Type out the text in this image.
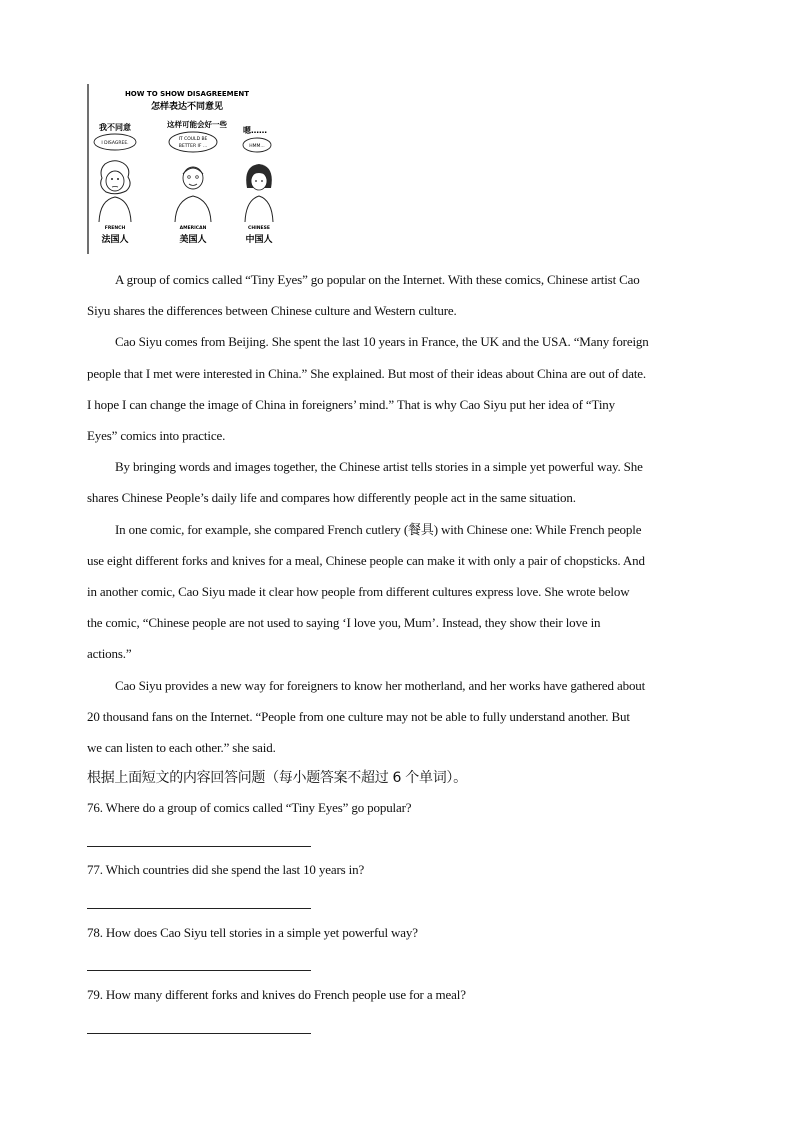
HOW TO SHOW DISAGREEMENT
怎样表达不同意见
我不同意
I DISAGREE.
FRENCH
法国人
这样可能会好一些
IT COULD BE
BETTER IF ...
AMERICAN
美国人
嗯……
HMM...
CHINESE
中国人

A group of comics called “Tiny Eyes” go popular on the Internet. With these comics, Chinese artist Cao

Siyu shares the differences between Chinese culture and Western culture.

Cao Siyu comes from Beijing. She spent the last 10 years in France, the UK and the USA. “Many foreign

people that I met were interested in China.” She explained. But most of their ideas about China are out of date.

I hope I can change the image of China in foreigners’ mind.” That is why Cao Siyu put her idea of “Tiny

Eyes” comics into practice.

By bringing words and images together, the Chinese artist tells stories in a simple yet powerful way. She

shares Chinese People’s daily life and compares how differently people act in the same situation.

In one comic, for example, she compared French cutlery (餐具) with Chinese one: While French people

use eight different forks and knives for a meal, Chinese people can make it with only a pair of chopsticks. And

in another comic, Cao Siyu made it clear how people from different cultures express love. She wrote below

the comic, “Chinese people are not used to saying ‘I love you, Mum’. Instead, they show their love in

actions.”

Cao Siyu provides a new way for foreigners to know her motherland, and her works have gathered about

20 thousand fans on the Internet. “People from one culture may not be able to fully understand another. But

we can listen to each other.” she said.

根据上面短文的内容回答问题（每小题答案不超过 6 个单词）。
76. Where do a group of comics called “Tiny Eyes” go popular?
77. Which countries did she spend the last 10 years in?
78. How does Cao Siyu tell stories in a simple yet powerful way?
79. How many different forks and knives do French people use for a meal?
